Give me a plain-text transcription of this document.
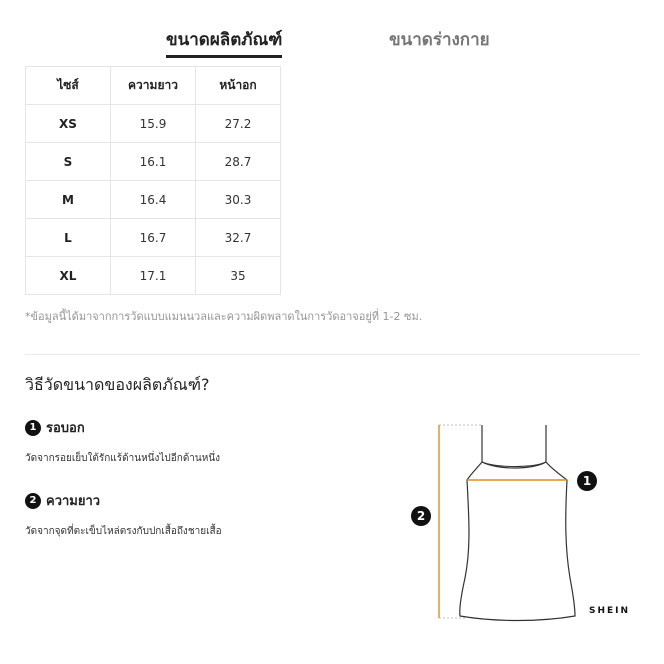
ขนาดผลิตภัณฑ์	ขนาดร่างกาย
ไซส์	ความยาว	หน้าอก
XS	15.9	27.2
S	16.1	28.7
M	16.4	30.3
L	16.7	32.7
XL	17.1	35
*ข้อมูลนี้ได้มาจากการวัดแบบแมนนวลและความผิดพลาดในการวัดอาจอยู่ที่ 1-2 ซม.
วิธีวัดขนาดของผลิตภัณฑ์?
1 รอบอก
วัดจากรอยเย็บใต้รักแร้ด้านหนึ่งไปอีกด้านหนึ่ง
2 ความยาว
วัดจากจุดที่ตะเข็บไหล่ตรงกับปกเสื้อถึงชายเสื้อ
1
2
SHEIN
